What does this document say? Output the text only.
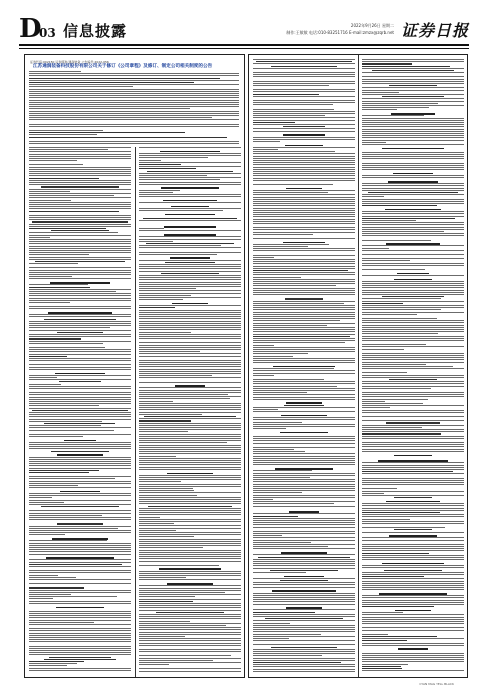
D
03 信息披露	2022年9月26日 星期二
制作:王敏敏 电话:010-83251716 E-mail:zmzx@zqrb.net 证券日报
证券代码:002150 证券简称:通润装备 公告编号:2022-056
江苏通润装备科技股份有限公司关于修订《公司章程》及修订、制定公司相关制度的公告
CYAN MAG YELL BLACK
